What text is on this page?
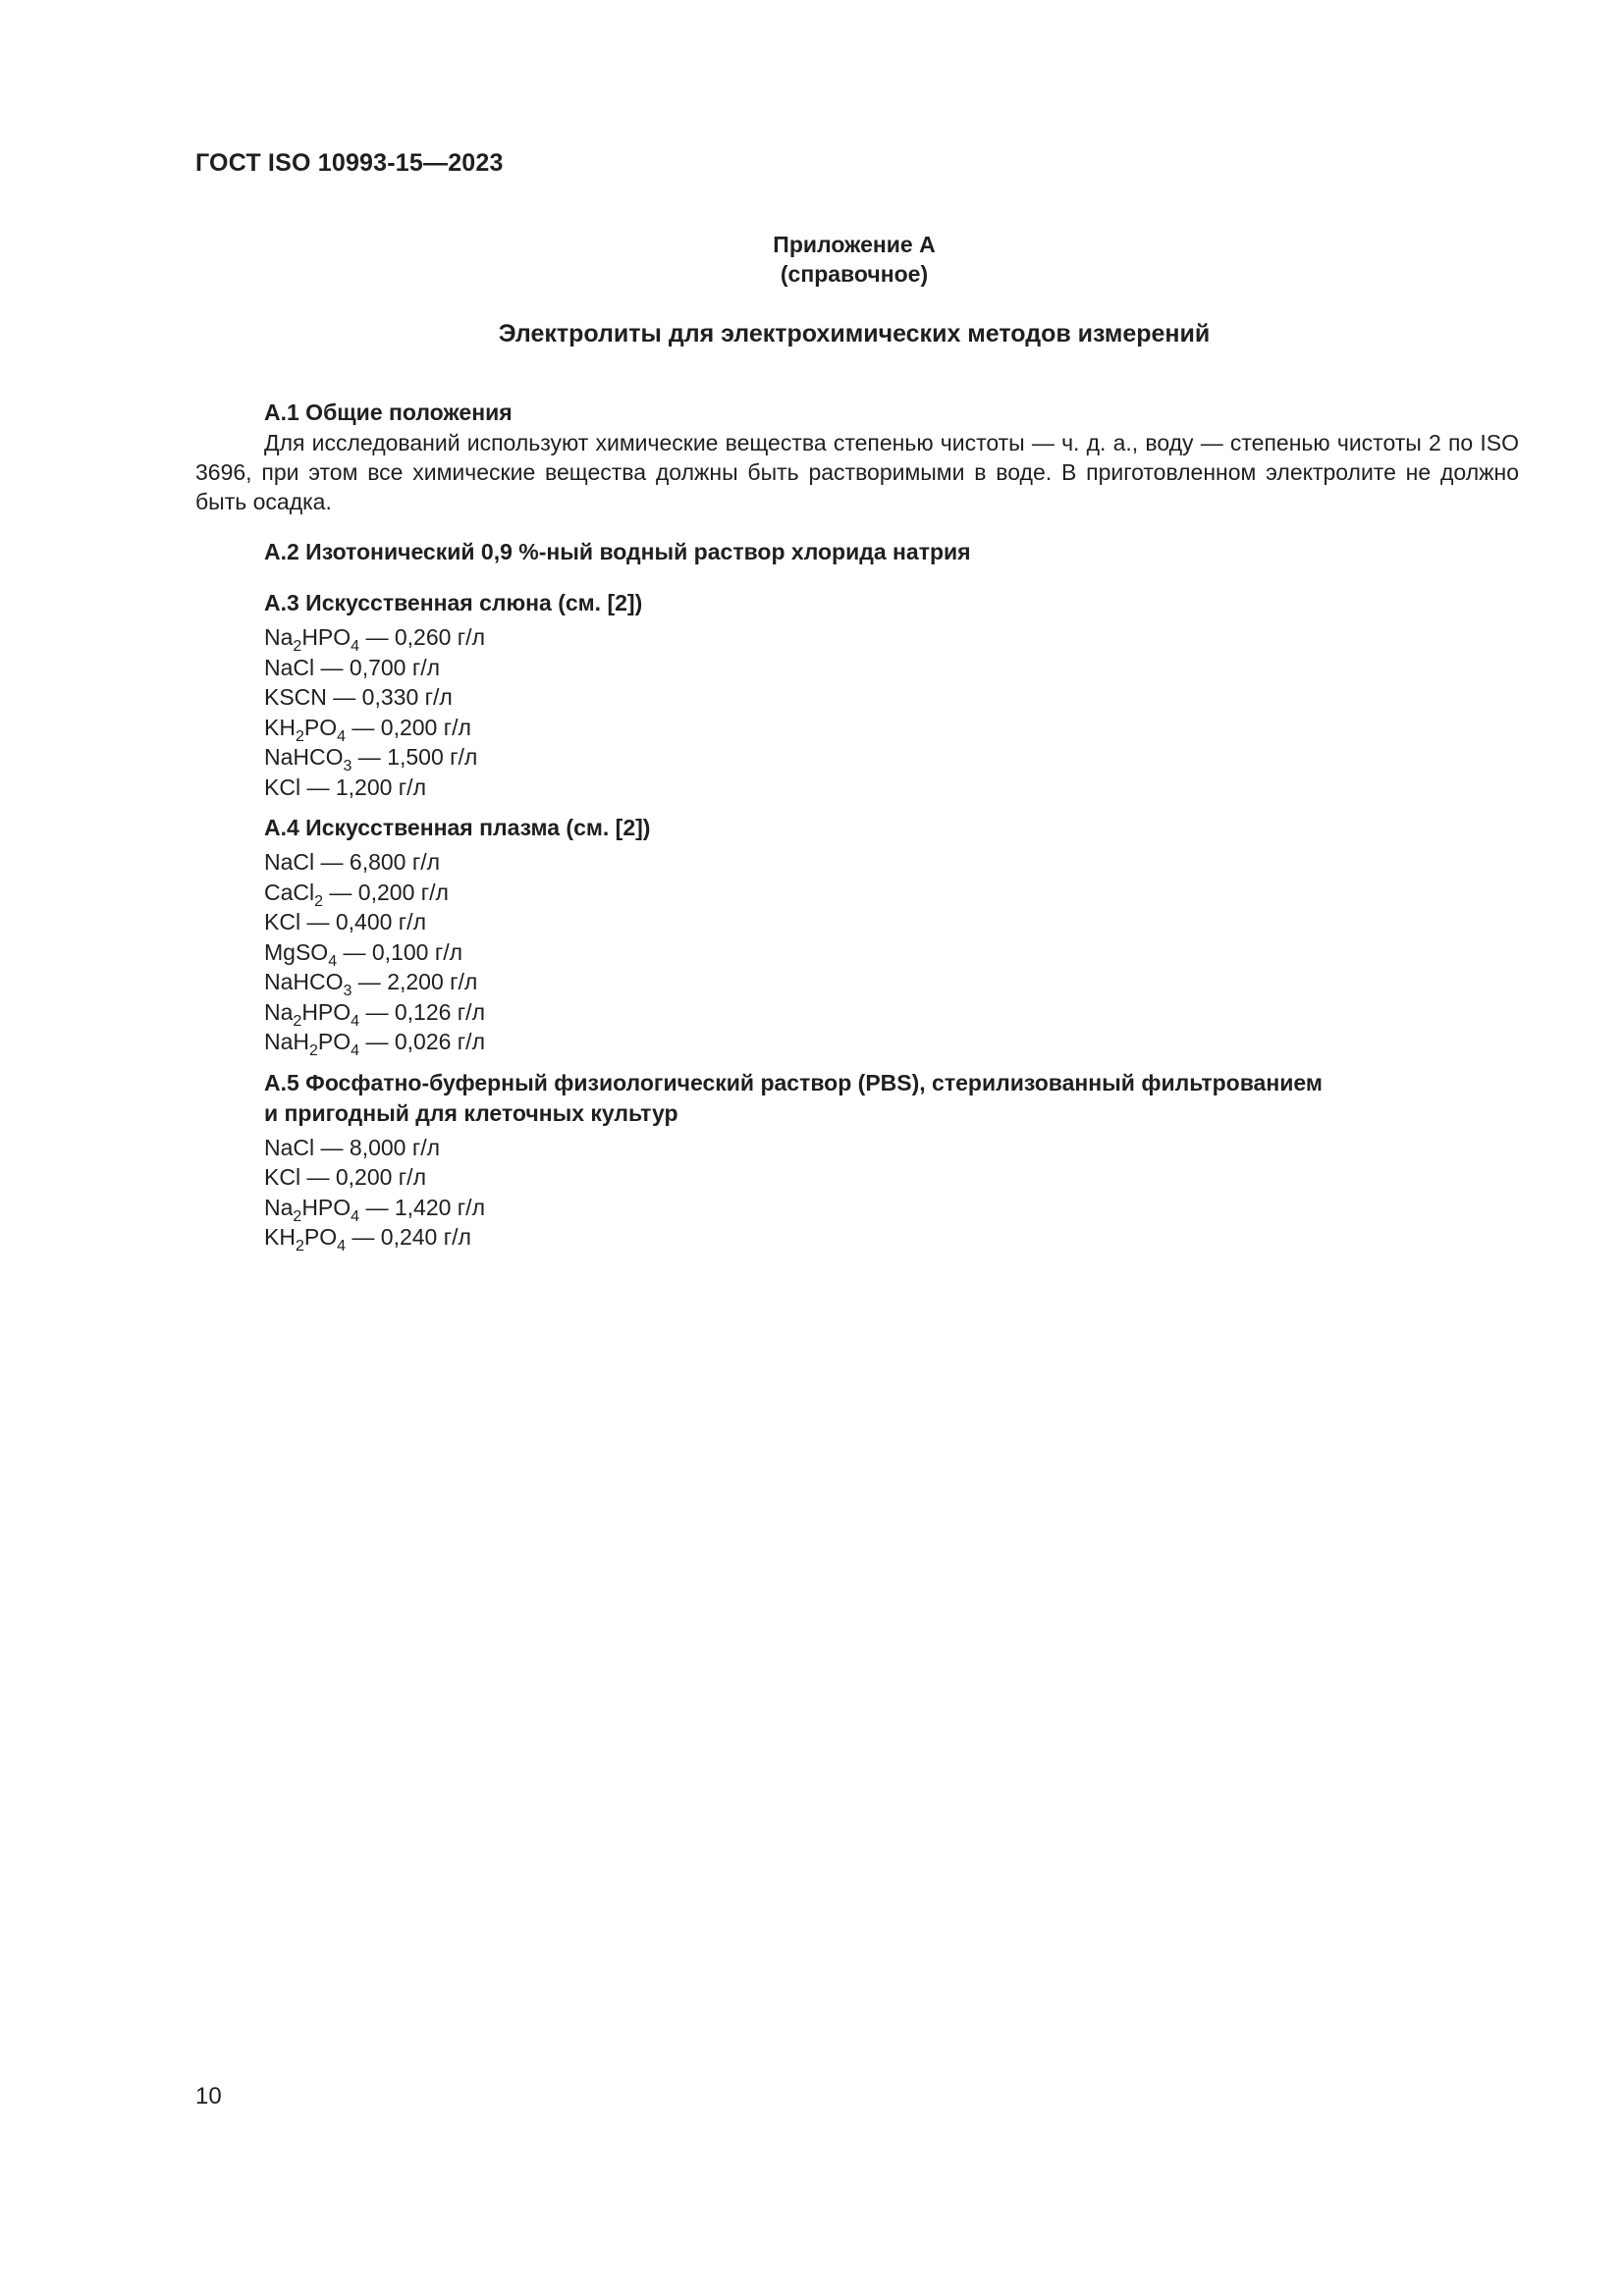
ГОСТ ISO 10993-15—2023
Приложение А
(справочное)
Электролиты для электрохимических методов измерений

А.1 Общие положения

Для исследований используют химические вещества степенью чистоты — ч. д. а., воду — степенью чистоты 2 по ISO 3696, при этом все химические вещества должны быть растворимыми в воде. В приготовленном электролите не должно быть осадка.

А.2 Изотонический 0,9 %-ный водный раствор хлорида натрия

А.3 Искусственная слюна (см. [2])

$Na_2HPO_4$ — 0,260 г/л
NaCl — 0,700 г/л
KSCN — 0,330 г/л
$KH_2PO_4$ — 0,200 г/л
NaHCO$_3$ — 1,500 г/л
KCl — 1,200 г/л

А.4 Искусственная плазма (см. [2])

NaCl — 6,800 г/л
CaCl$_2$ — 0,200 г/л
KCl — 0,400 г/л
MgSO$_4$ — 0,100 г/л
NaHCO$_3$ — 2,200 г/л
$Na_2HPO_4$ — 0,126 г/л
$NaH_2PO_4$ — 0,026 г/л

А.5 Фосфатно-буферный физиологический раствор (PBS), стерилизованный фильтрованием

и пригодный для клеточных культур

NaCl — 8,000 г/л
KCl — 0,200 г/л
$Na_2HPO_4$ — 1,420 г/л
$KH_2PO_4$ — 0,240 г/л
10
